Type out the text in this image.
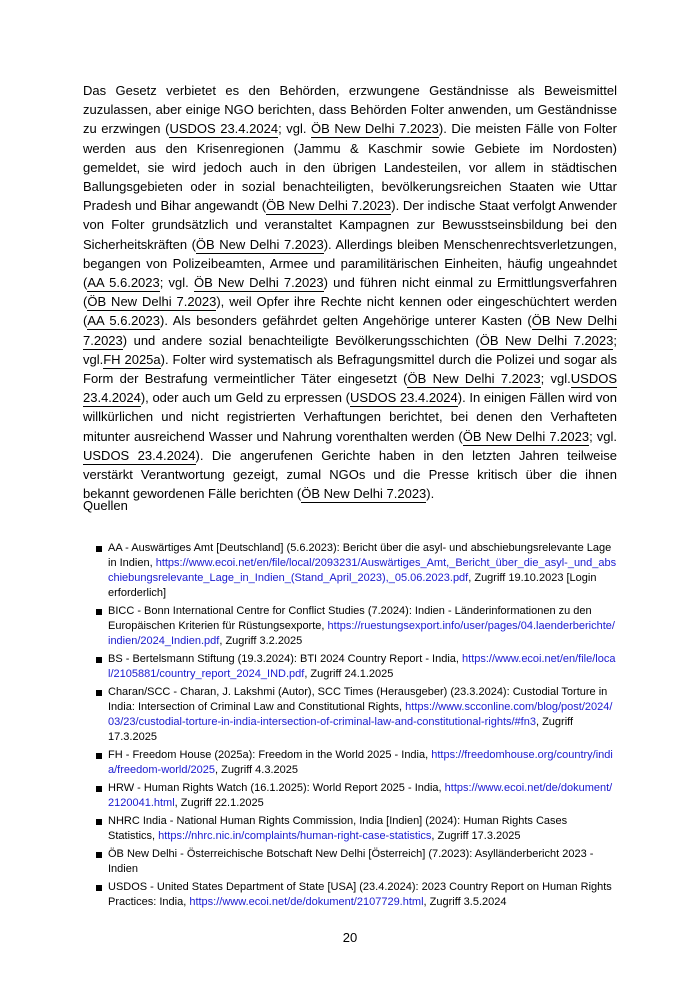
Das Gesetz verbietet es den Behörden, erzwungene Geständnisse als Beweismittel zuzulassen, aber einige NGO berichten, dass Behörden Folter anwenden, um Geständnisse zu erzwingen (USDOS 23.4.2024; vgl. ÖB New Delhi 7.2023). Die meisten Fälle von Folter werden aus den Krisenregionen (Jammu & Kaschmir sowie Gebiete im Nordosten) gemeldet, sie wird jedoch auch in den übrigen Landesteilen, vor allem in städtischen Ballungsgebieten oder in sozial benachteiligten, bevölkerungsreichen Staaten wie Uttar Pradesh und Bihar angewandt (ÖB New Delhi 7.2023). Der indische Staat verfolgt Anwender von Folter grundsätzlich und veranstaltet Kampagnen zur Bewusstseinsbildung bei den Sicherheitskräften (ÖB New Delhi 7.2023). Allerdings bleiben Menschenrechtsverletzungen, begangen von Polizeibeamten, Armee und paramilitärischen Einheiten, häufig ungeahndet (AA 5.6.2023; vgl. ÖB New Delhi 7.2023) und führen nicht einmal zu Ermittlungsverfahren (ÖB New Delhi 7.2023), weil Opfer ihre Rechte nicht kennen oder eingeschüchtert werden (AA 5.6.2023). Als besonders gefährdet gelten Angehörige unterer Kasten (ÖB New Delhi 7.2023) und andere sozial benachteiligte Bevölkerungsschichten (ÖB New Delhi 7.2023; vgl.FH 2025a). Folter wird systematisch als Befragungsmittel durch die Polizei und sogar als Form der Bestrafung vermeintlicher Täter eingesetzt (ÖB New Delhi 7.2023; vgl.USDOS 23.4.2024), oder auch um Geld zu erpressen (USDOS 23.4.2024). In einigen Fällen wird von willkürlichen und nicht registrierten Verhaftungen berichtet, bei denen den Verhafteten mitunter ausreichend Wasser und Nahrung vorenthalten werden (ÖB New Delhi 7.2023; vgl. USDOS 23.4.2024). Die angerufenen Gerichte haben in den letzten Jahren teilweise verstärkt Verantwortung gezeigt, zumal NGOs und die Presse kritisch über die ihnen bekannt gewordenen Fälle berichten (ÖB New Delhi 7.2023).
Quellen
AA - Auswärtiges Amt [Deutschland] (5.6.2023): Bericht über die asyl- und abschiebungsrelevante Lage in Indien, https://www.ecoi.net/en/file/local/2093231/Auswärtiges_Amt,_Bericht_über_die_asyl-_und_abschiebungsrelevante_Lage_in_Indien_(Stand_April_2023),_05.06.2023.pdf, Zugriff 19.10.2023 [Login erforderlich]
BICC - Bonn International Centre for Conflict Studies (7.2024): Indien - Länderinformationen zu den Europäischen Kriterien für Rüstungsexporte, https://ruestungsexport.info/user/pages/04.laenderberichte/indien/2024_Indien.pdf, Zugriff 3.2.2025
BS - Bertelsmann Stiftung (19.3.2024): BTI 2024 Country Report - India, https://www.ecoi.net/en/file/local/2105881/country_report_2024_IND.pdf, Zugriff 24.1.2025
Charan/SCC - Charan, J. Lakshmi (Autor), SCC Times (Herausgeber) (23.3.2024): Custodial Torture in India: Intersection of Criminal Law and Constitutional Rights, https://www.scconline.com/blog/post/2024/03/23/custodial-torture-in-india-intersection-of-criminal-law-and-constitutional-rights/#fn3, Zugriff 17.3.2025
FH - Freedom House (2025a): Freedom in the World 2025 - India, https://freedomhouse.org/country/india/freedom-world/2025, Zugriff 4.3.2025
HRW - Human Rights Watch (16.1.2025): World Report 2025 - India, https://www.ecoi.net/de/dokument/2120041.html, Zugriff 22.1.2025
NHRC India - National Human Rights Commission, India [Indien] (2024): Human Rights Cases Statistics, https://nhrc.nic.in/complaints/human-right-case-statistics, Zugriff 17.3.2025
ÖB New Delhi - Österreichische Botschaft New Delhi [Österreich] (7.2023): Asylländerbericht 2023 - Indien
USDOS - United States Department of State [USA] (23.4.2024): 2023 Country Report on Human Rights Practices: India, https://www.ecoi.net/de/dokument/2107729.html, Zugriff 3.5.2024
20
